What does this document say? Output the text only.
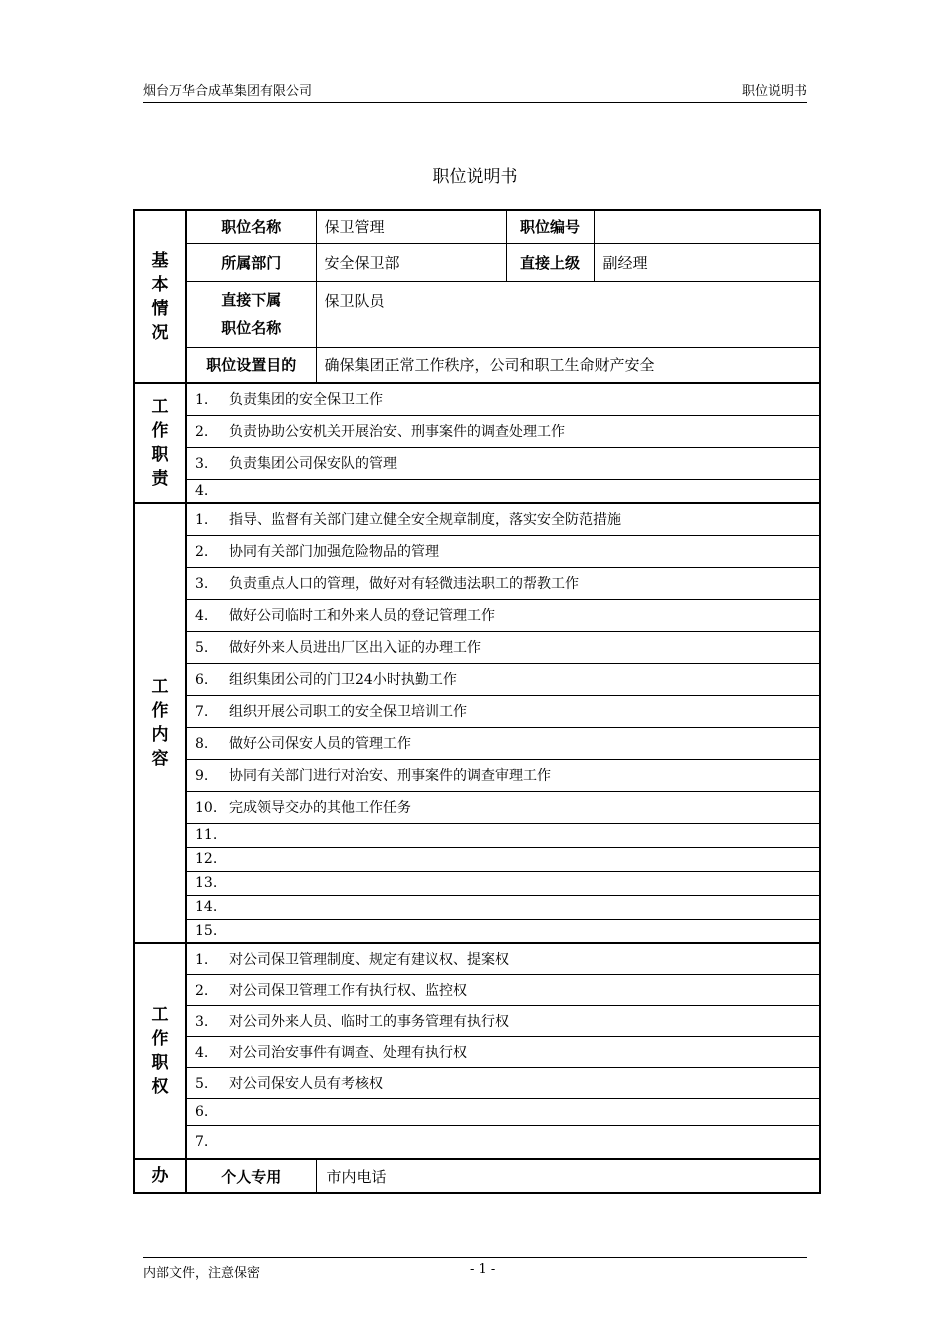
烟台万华合成革集团有限公司	职位说明书
职位说明书
基
本
情
况	职位名称	保卫管理	职位编号	
	所属部门	安全保卫部	直接上级	副经理

	直接下属
职位名称	保卫队员		
	职位设置目的	确保集团正常工作秩序，公司和职工生命财产安全		

工
作
职
责	1. 负责集团的安全保卫工作			
	2. 负责协助公安机关开展治安、刑事案件的调查处理工作			
	3. 负责集团公司保安队的管理			
	4.			

工
作
内
容	1. 指导、监督有关部门建立健全安全规章制度，落实安全防范措施			
	2. 协同有关部门加强危险物品的管理			
	3. 负责重点人口的管理，做好对有轻微违法职工的帮教工作			
	4. 做好公司临时工和外来人员的登记管理工作			
	5. 做好外来人员进出厂区出入证的办理工作			
	6. 组织集团公司的门卫24小时执勤工作			
	7. 组织开展公司职工的安全保卫培训工作			
	8. 做好公司保安人员的管理工作			
	9. 协同有关部门进行对治安、刑事案件的调查审理工作			
	10. 完成领导交办的其他工作任务			
	11.			
	12.			
	13.			
	14.			
	15.			

工
作
职
权	1. 对公司保卫管理制度、规定有建议权、提案权			
	2. 对公司保卫管理工作有执行权、监控权			
	3. 对公司外来人员、临时工的事务管理有执行权			
	4. 对公司治安事件有调查、处理有执行权			
	5. 对公司保安人员有考核权			
	6.			
	7.			
办	个人专用	市内电话		
内部文件，注意保密	- 1 -
